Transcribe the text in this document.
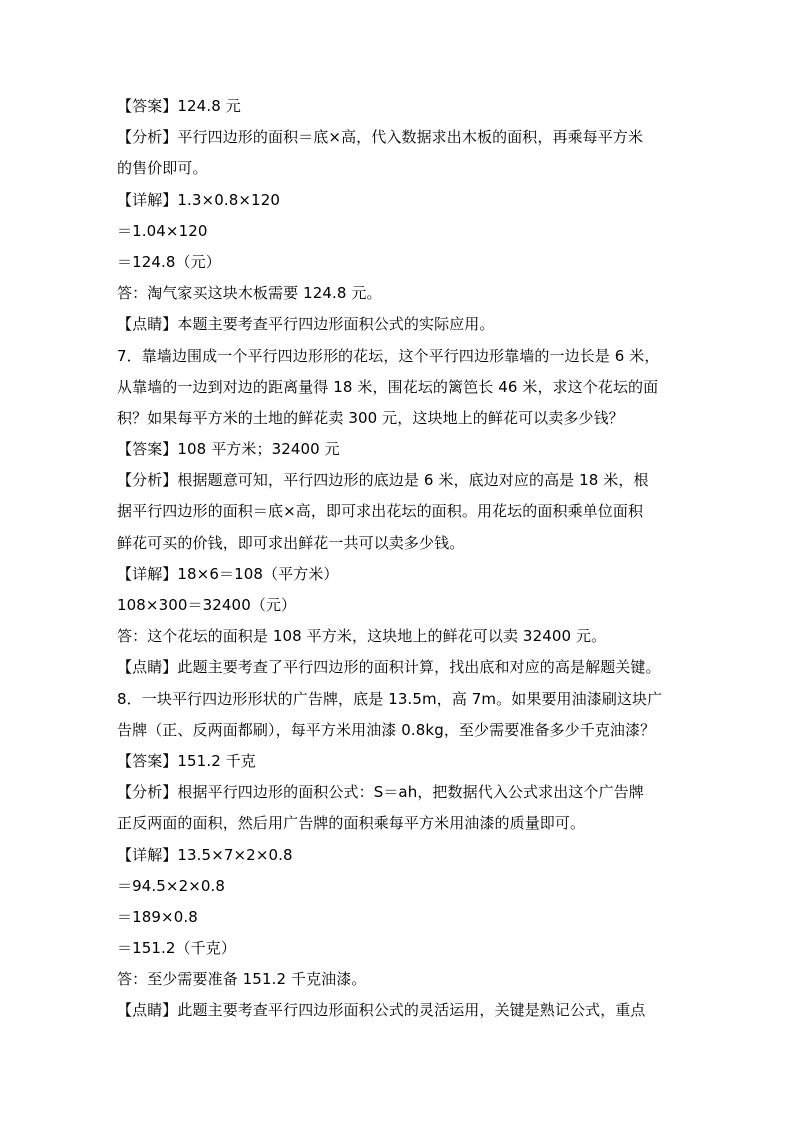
【答案】124.8 元
【分析】平行四边形的面积＝底×高，代入数据求出木板的面积，再乘每平方米
的售价即可。
【详解】1.3×0.8×120
＝1.04×120
＝124.8（元）
答：淘气家买这块木板需要 124.8 元。
【点睛】本题主要考查平行四边形面积公式的实际应用。
7．靠墙边围成一个平行四边形形的花坛，这个平行四边形靠墙的一边长是 6 米，
从靠墙的一边到对边的距离量得 18 米，围花坛的篱笆长 46 米，求这个花坛的面
积？如果每平方米的土地的鲜花卖 300 元，这块地上的鲜花可以卖多少钱？
【答案】108 平方米；32400 元
【分析】根据题意可知，平行四边形的底边是 6 米，底边对应的高是 18 米，根
据平行四边形的面积＝底×高，即可求出花坛的面积。用花坛的面积乘单位面积
鲜花可买的价钱，即可求出鲜花一共可以卖多少钱。
【详解】18×6＝108（平方米）
108×300＝32400（元）
答：这个花坛的面积是 108 平方米，这块地上的鲜花可以卖 32400 元。
【点睛】此题主要考查了平行四边形的面积计算，找出底和对应的高是解题关键。
8．一块平行四边形形状的广告牌，底是 13.5m，高 7m。如果要用油漆刷这块广
告牌（正、反两面都刷），每平方米用油漆 0.8kg，至少需要准备多少千克油漆？
【答案】151.2 千克
【分析】根据平行四边形的面积公式：S＝ah，把数据代入公式求出这个广告牌
正反两面的面积，然后用广告牌的面积乘每平方米用油漆的质量即可。
【详解】13.5×7×2×0.8
＝94.5×2×0.8
＝189×0.8
＝151.2（千克）
答：至少需要准备 151.2 千克油漆。
【点睛】此题主要考查平行四边形面积公式的灵活运用，关键是熟记公式，重点
